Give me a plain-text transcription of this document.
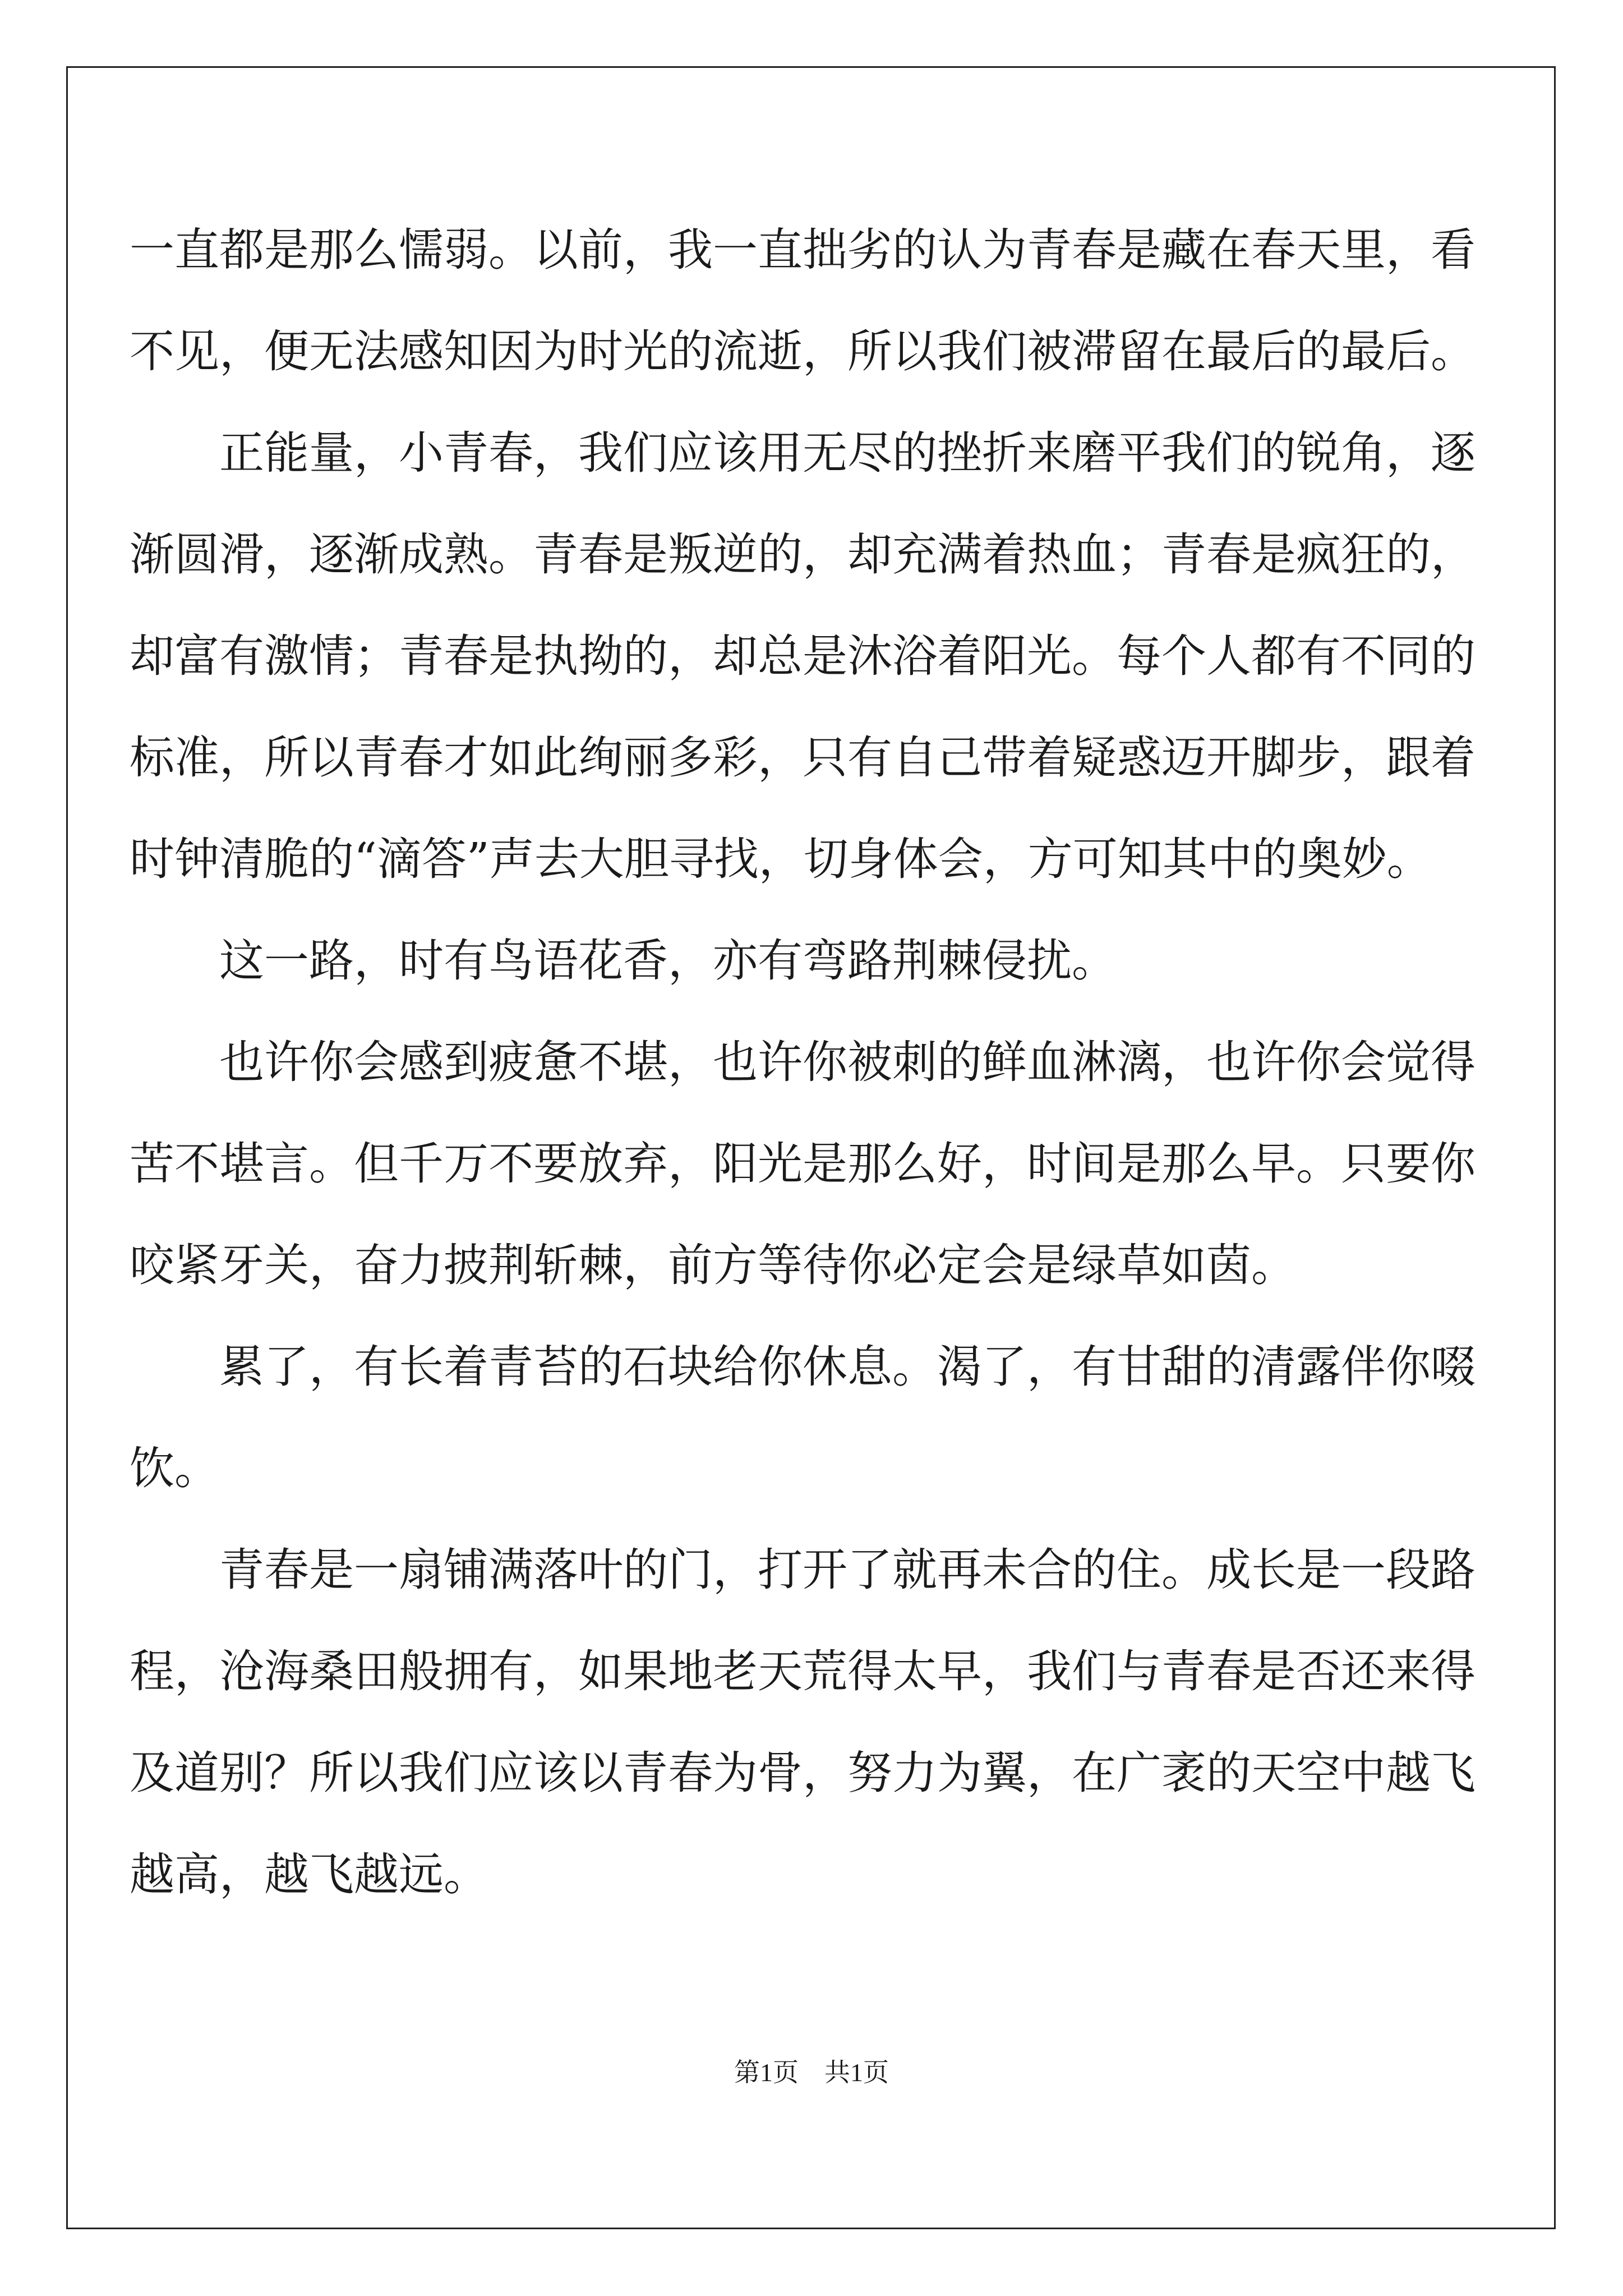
一直都是那么懦弱。以前，我一直拙劣的认为青春是藏在春天里，看
不见，便无法感知因为时光的流逝，所以我们被滞留在最后的最后。
正能量，小青春，我们应该用无尽的挫折来磨平我们的锐角，逐
渐圆滑，逐渐成熟。青春是叛逆的，却充满着热血；青春是疯狂的，
却富有激情；青春是执拗的，却总是沐浴着阳光。每个人都有不同的
标准，所以青春才如此绚丽多彩，只有自己带着疑惑迈开脚步，跟着
时钟清脆的“滴答”声去大胆寻找，切身体会，方可知其中的奥妙。
这一路，时有鸟语花香，亦有弯路荆棘侵扰。
也许你会感到疲惫不堪，也许你被刺的鲜血淋漓，也许你会觉得
苦不堪言。但千万不要放弃，阳光是那么好，时间是那么早。只要你
咬紧牙关，奋力披荆斩棘，前方等待你必定会是绿草如茵。
累了，有长着青苔的石块给你休息。渴了，有甘甜的清露伴你啜
饮。
青春是一扇铺满落叶的门，打开了就再未合的住。成长是一段路
程，沧海桑田般拥有，如果地老天荒得太早，我们与青春是否还来得
及道别？所以我们应该以青春为骨，努力为翼，在广袤的天空中越飞
越高，越飞越远。
第1页 共1页
